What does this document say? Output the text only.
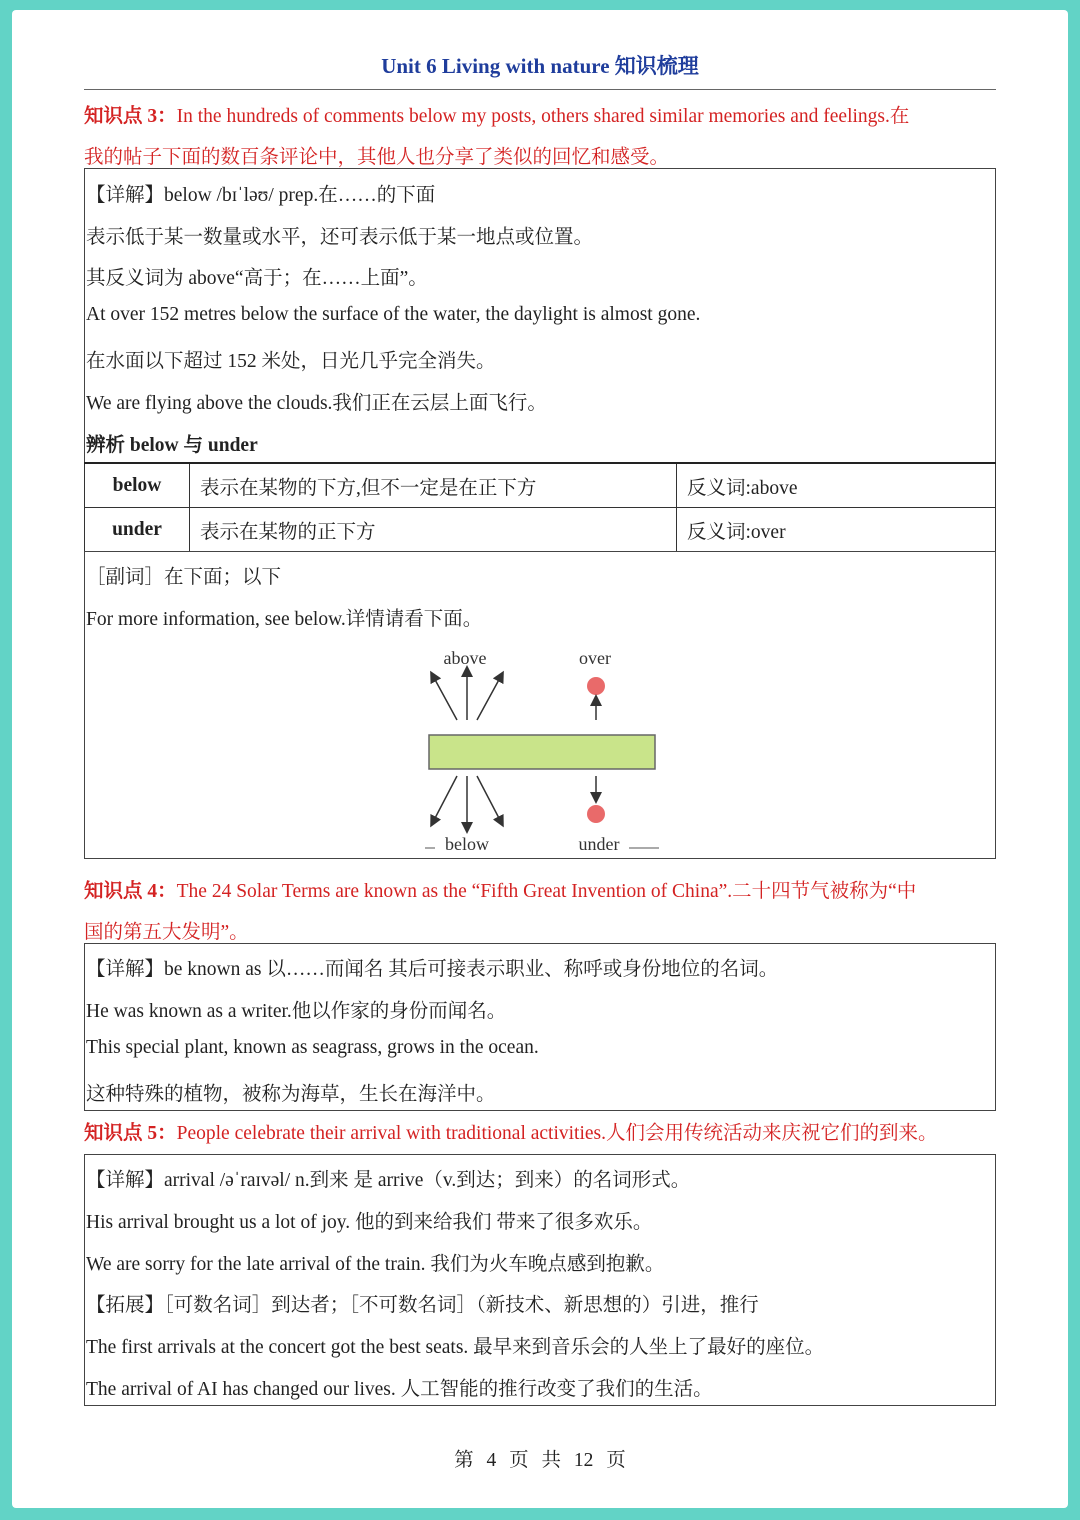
Unit 6 Living with nature 知识梳理
知识点 3：In the hundreds of comments below my posts, others shared similar memories and feelings.在
我的帖子下面的数百条评论中，其他人也分享了类似的回忆和感受。
【详解】below /bɪˈləʊ/ prep.在……的下面
表示低于某一数量或水平，还可表示低于某一地点或位置。
其反义词为 above“高于；在……上面”。
At over 152 metres below the surface of the water, the daylight is almost gone.
在水面以下超过 152 米处，日光几乎完全消失。
We are flying above the clouds.我们正在云层上面飞行。
辨析 below 与 under
below	表示在某物的下方,但不一定是在正下方	反义词:above
under	表示在某物的正下方	反义词:over
［副词］在下面；以下
For more information, see below.详情请看下面。
above	over
below	under
知识点 4：The 24 Solar Terms are known as the “Fifth Great Invention of China”.二十四节气被称为“中
国的第五大发明”。
【详解】be known as 以……而闻名 其后可接表示职业、称呼或身份地位的名词。
He was known as a writer.他以作家的身份而闻名。
This special plant, known as seagrass, grows in the ocean.
这种特殊的植物，被称为海草，生长在海洋中。
知识点 5：People celebrate their arrival with traditional activities.人们会用传统活动来庆祝它们的到来。
【详解】arrival /əˈraɪvəl/ n.到来 是 arrive（v.到达；到来）的名词形式。
His arrival brought us a lot of joy. 他的到来给我们 带来了很多欢乐。
We are sorry for the late arrival of the train. 我们为火车晚点感到抱歉。
【拓展】［可数名词］到达者；［不可数名词］（新技术、新思想的）引进，推行
The first arrivals at the concert got the best seats. 最早来到音乐会的人坐上了最好的座位。
The arrival of AI has changed our lives. 人工智能的推行改变了我们的生活。
第 4 页 共 12 页
